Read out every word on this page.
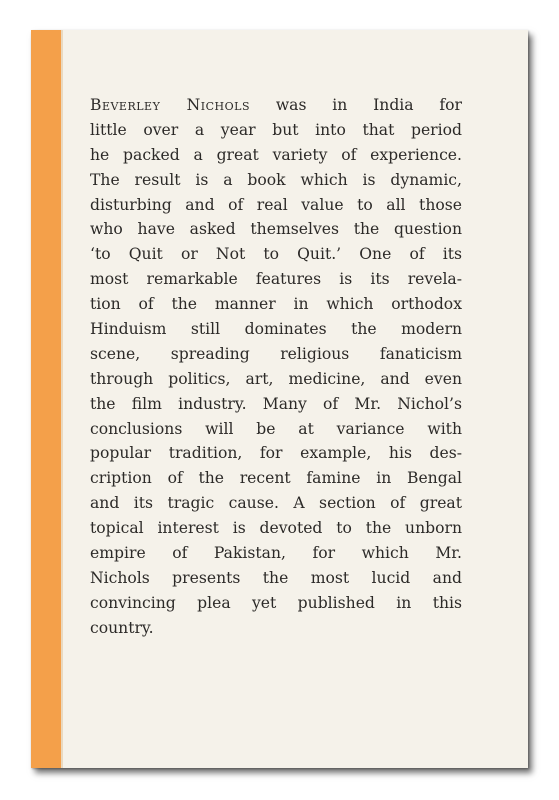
Beverley Nichols was in India for
little over a year but into that period
he packed a great variety of experience.
The result is a book which is dynamic,
disturbing and of real value to all those
who have asked themselves the question
‘to Quit or Not to Quit.’ One of its
most remarkable features is its revela-
tion of the manner in which orthodox
Hinduism still dominates the modern
scene, spreading religious fanaticism
through politics, art, medicine, and even
the film industry. Many of Mr. Nichol’s
conclusions will be at variance with
popular tradition, for example, his des-
cription of the recent famine in Bengal
and its tragic cause. A section of great
topical interest is devoted to the unborn
empire of Pakistan, for which Mr.
Nichols presents the most lucid and
convincing plea yet published in this
country.
